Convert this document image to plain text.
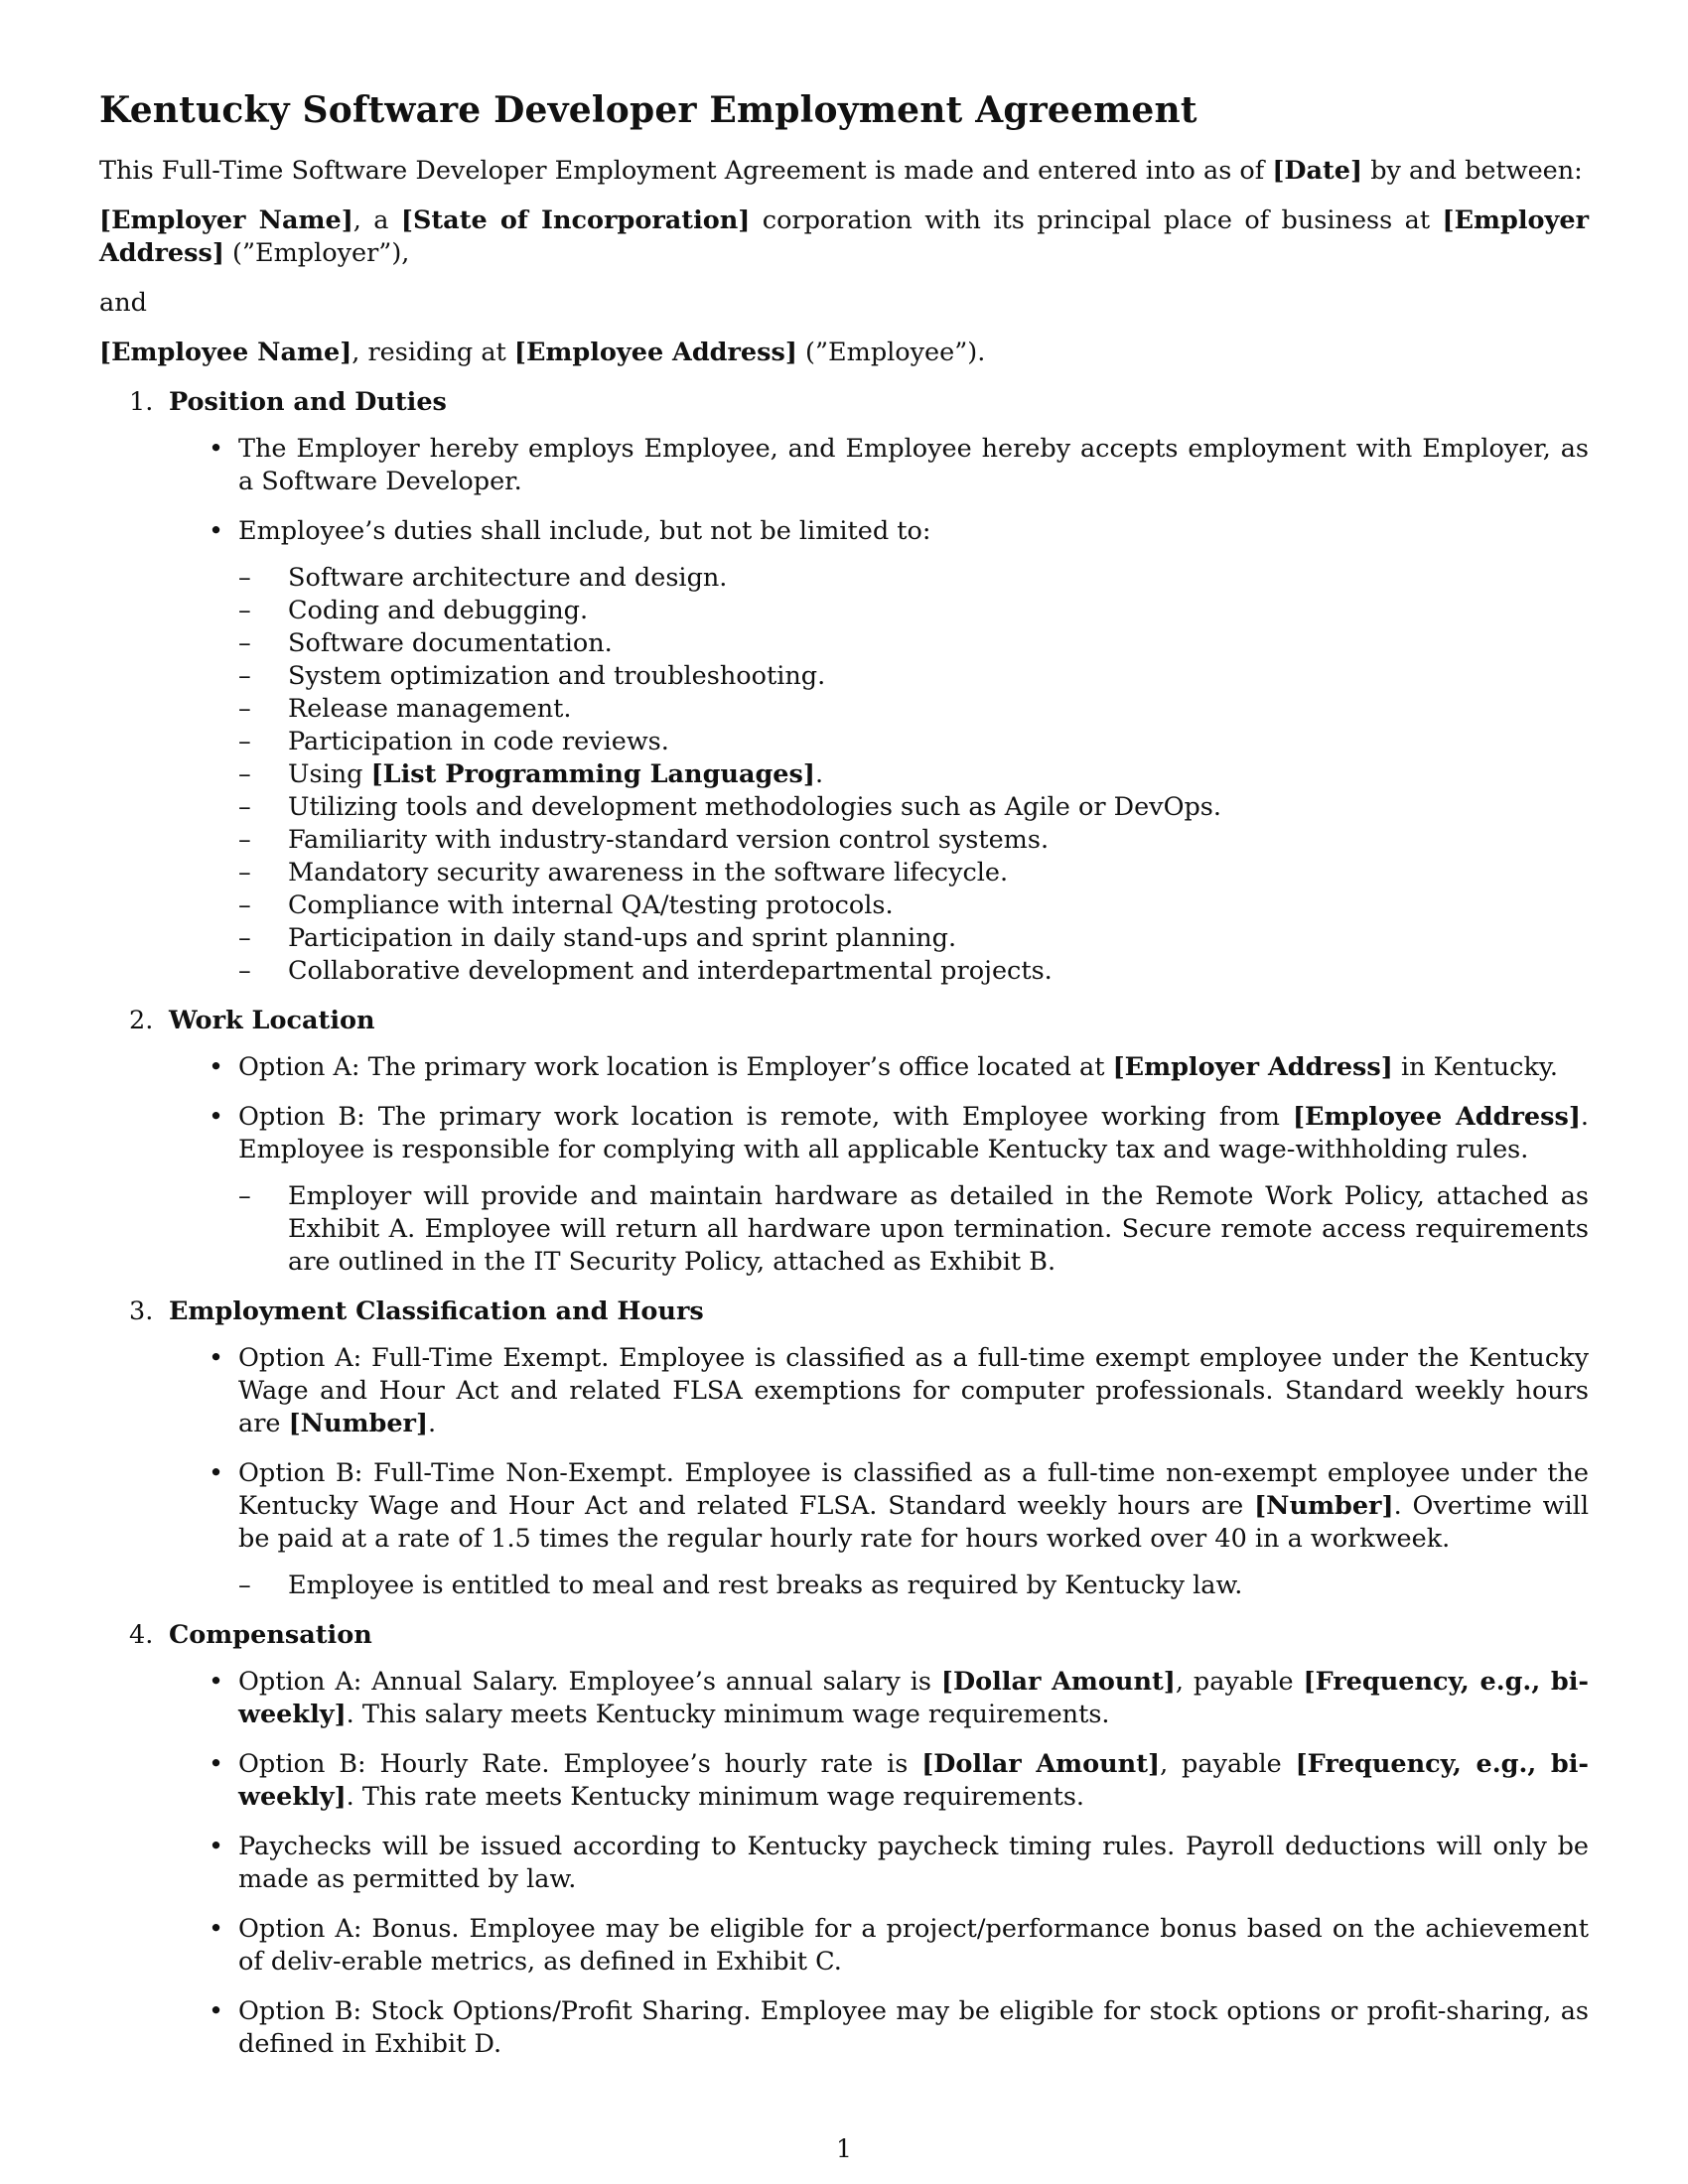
Kentucky Software Developer Employment Agreement

This Full-Time Software Developer Employment Agreement is made and entered into as of [Date] by and between:

[Employer Name], a [State of Incorporation] corporation with its principal place of business at [Employer Address] (”Employer”),

and

[Employee Name], residing at [Employee Address] (”Employee”).

1. Position and Duties
• The Employer hereby employs Employee, and Employee hereby accepts employment with Employer, as a Software Developer.
• Employee’s duties shall include, but not be limited to:
– Software architecture and design.
– Coding and debugging.
– Software documentation.
– System optimization and troubleshooting.
– Release management.
– Participation in code reviews.
– Using [List Programming Languages].
– Utilizing tools and development methodologies such as Agile or DevOps.
– Familiarity with industry-standard version control systems.
– Mandatory security awareness in the software lifecycle.
– Compliance with internal QA/testing protocols.
– Participation in daily stand-ups and sprint planning.
– Collaborative development and interdepartmental projects.
2. Work Location
• Option A: The primary work location is Employer’s office located at [Employer Address] in Kentucky.
• Option B: The primary work location is remote, with Employee working from [Employee Address]. Employee is responsible for complying with all applicable Kentucky tax and wage-withholding rules.
– Employer will provide and maintain hardware as detailed in the Remote Work Policy, attached as Exhibit A. Employee will return all hardware upon termination. Secure remote access requirements are outlined in the IT Security Policy, attached as Exhibit B.
3. Employment Classification and Hours
• Option A: Full-Time Exempt. Employee is classified as a full-time exempt employee under the Kentucky Wage and Hour Act and related FLSA exemptions for computer professionals. Standard weekly hours are [Number].
• Option B: Full-Time Non-Exempt. Employee is classified as a full-time non-exempt employee under the Kentucky Wage and Hour Act and related FLSA. Standard weekly hours are [Number]. Overtime will be paid at a rate of 1.5 times the regular hourly rate for hours worked over 40 in a workweek.
– Employee is entitled to meal and rest breaks as required by Kentucky law.
4. Compensation
• Option A: Annual Salary. Employee’s annual salary is [Dollar Amount], payable [Frequency, e.g., bi-weekly]. This salary meets Kentucky minimum wage requirements.
• Option B: Hourly Rate. Employee’s hourly rate is [Dollar Amount], payable [Frequency, e.g., bi-weekly]. This rate meets Kentucky minimum wage requirements.
• Paychecks will be issued according to Kentucky paycheck timing rules. Payroll deductions will only be made as permitted by law.
• Option A: Bonus. Employee may be eligible for a project/performance bonus based on the achievement of deliv-erable metrics, as defined in Exhibit C.
• Option B: Stock Options/Profit Sharing. Employee may be eligible for stock options or profit-sharing, as defined in Exhibit D.
1
